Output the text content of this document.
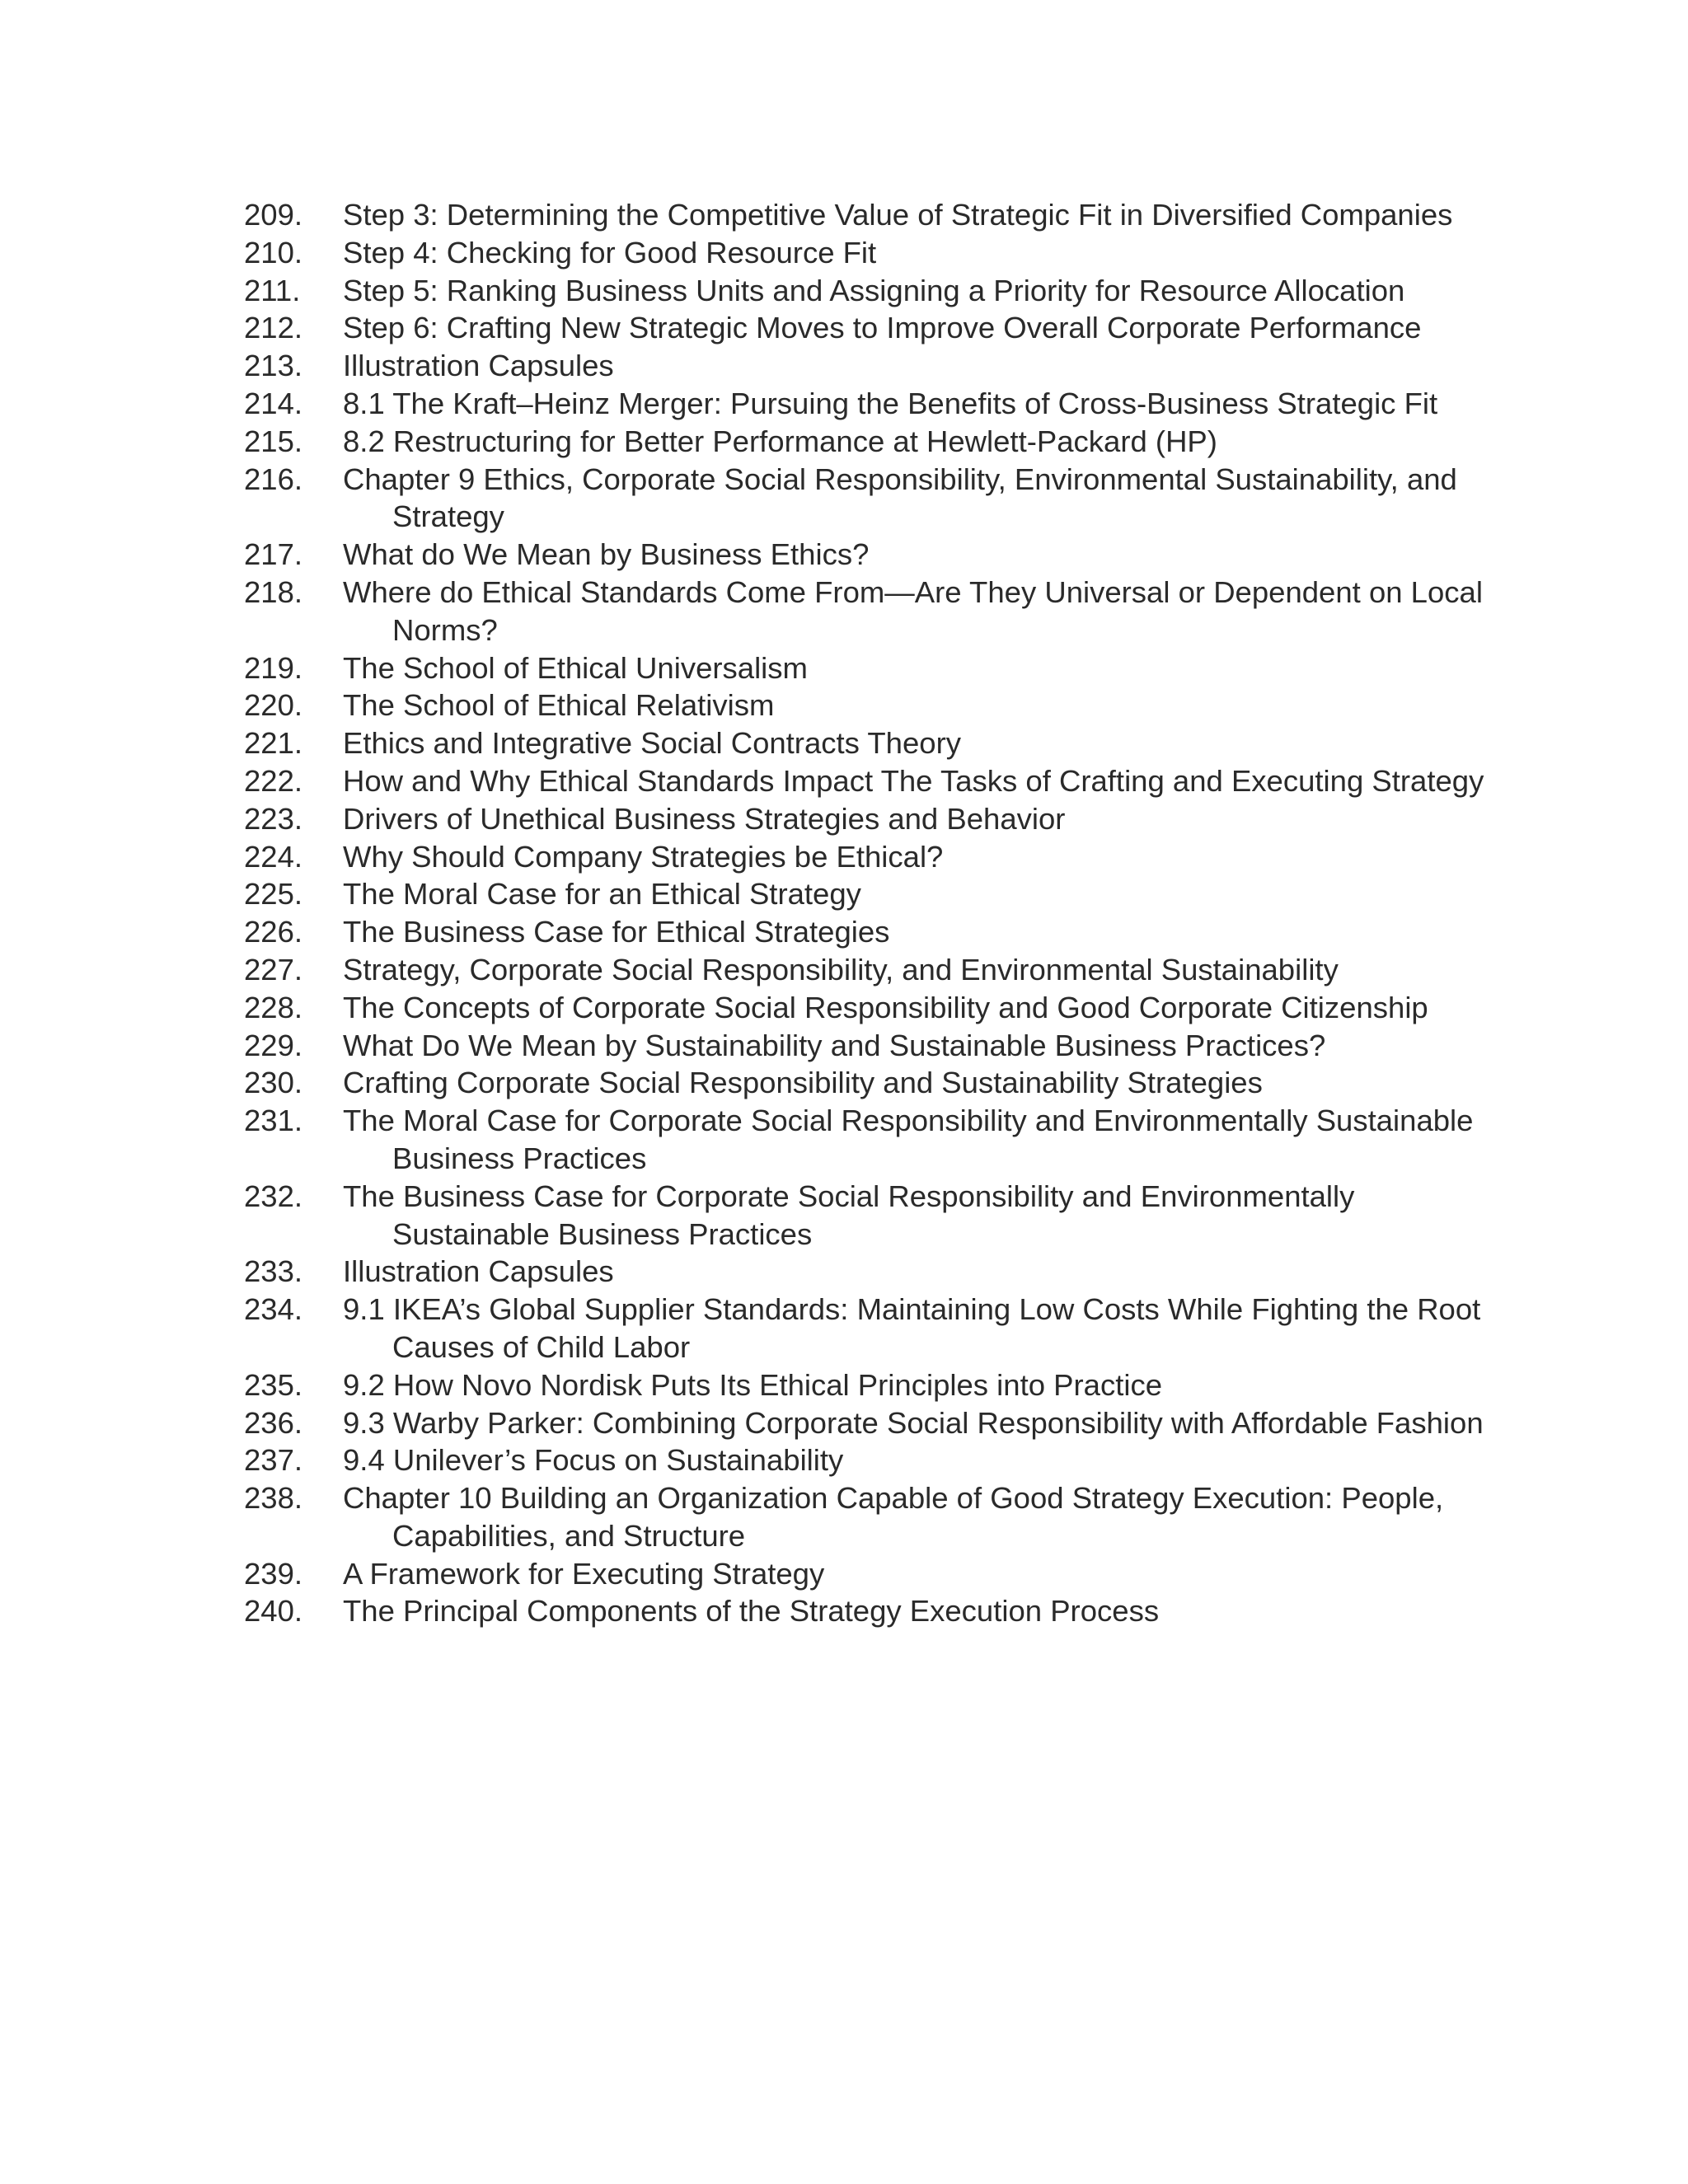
209. Step 3: Determining the Competitive Value of Strategic Fit in Diversified Companies
210. Step 4: Checking for Good Resource Fit
211. Step 5: Ranking Business Units and Assigning a Priority for Resource Allocation
212. Step 6: Crafting New Strategic Moves to Improve Overall Corporate Performance
213. Illustration Capsules
214. 8.1 The Kraft–Heinz Merger: Pursuing the Benefits of Cross-Business Strategic Fit
215. 8.2 Restructuring for Better Performance at Hewlett-Packard (HP)
216. Chapter 9 Ethics, Corporate Social Responsibility, Environmental Sustainability, and Strategy
217. What do We Mean by Business Ethics?
218. Where do Ethical Standards Come From—Are They Universal or Dependent on Local Norms?
219. The School of Ethical Universalism
220. The School of Ethical Relativism
221. Ethics and Integrative Social Contracts Theory
222. How and Why Ethical Standards Impact The Tasks of Crafting and Executing Strategy
223. Drivers of Unethical Business Strategies and Behavior
224. Why Should Company Strategies be Ethical?
225. The Moral Case for an Ethical Strategy
226. The Business Case for Ethical Strategies
227. Strategy, Corporate Social Responsibility, and Environmental Sustainability
228. The Concepts of Corporate Social Responsibility and Good Corporate Citizenship
229. What Do We Mean by Sustainability and Sustainable Business Practices?
230. Crafting Corporate Social Responsibility and Sustainability Strategies
231. The Moral Case for Corporate Social Responsibility and Environmentally Sustainable Business Practices
232. The Business Case for Corporate Social Responsibility and Environmentally Sustainable Business Practices
233. Illustration Capsules
234. 9.1 IKEA’s Global Supplier Standards: Maintaining Low Costs While Fighting the Root Causes of Child Labor
235. 9.2 How Novo Nordisk Puts Its Ethical Principles into Practice
236. 9.3 Warby Parker: Combining Corporate Social Responsibility with Affordable Fashion
237. 9.4 Unilever’s Focus on Sustainability
238. Chapter 10 Building an Organization Capable of Good Strategy Execution: People, Capabilities, and Structure
239. A Framework for Executing Strategy
240. The Principal Components of the Strategy Execution Process
